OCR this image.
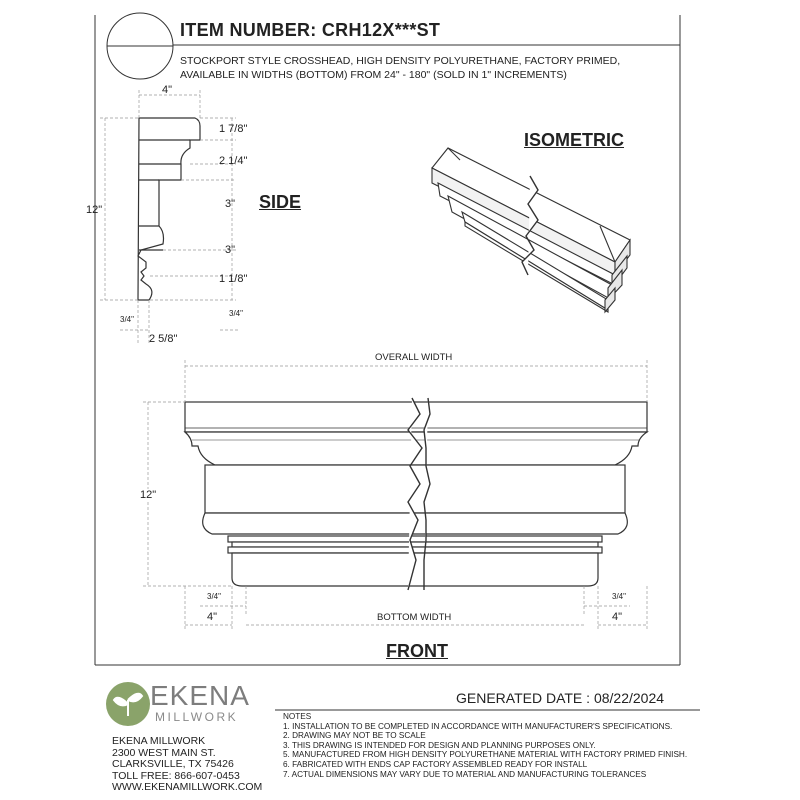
ITEM NUMBER: CRH12X***ST
STOCKPORT STYLE CROSSHEAD, HIGH DENSITY POLYURETHANE, FACTORY PRIMED,
AVAILABLE IN WIDTHS (BOTTOM) FROM 24" - 180" (SOLD IN 1" INCREMENTS)
SIDE
ISOMETRIC
FRONT
4"
12"
1 7/8"
2 1/4"
3"
3"
1 1/8"
3/4"
3/4"
2 5/8"
OVERALL WIDTH
12"
BOTTOM WIDTH
4"	4"
3/4"	3/4"
EKENA
MILLWORK
GENERATED DATE : 08/22/2024
NOTES
1. INSTALLATION TO BE COMPLETED IN ACCORDANCE WITH MANUFACTURER'S SPECIFICATIONS.
2. DRAWING MAY NOT BE TO SCALE
3. THIS DRAWING IS INTENDED FOR DESIGN AND PLANNING PURPOSES ONLY.
5. MANUFACTURED FROM HIGH DENSITY POLYURETHANE MATERIAL WITH FACTORY PRIMED FINISH.
6. FABRICATED WITH ENDS CAP FACTORY ASSEMBLED READY FOR INSTALL
7. ACTUAL DIMENSIONS MAY VARY DUE TO MATERIAL AND MANUFACTURING TOLERANCES
EKENA MILLWORK
2300 WEST MAIN ST.
CLARKSVILLE, TX 75426
TOLL FREE: 866-607-0453
WWW.EKENAMILLWORK.COM
